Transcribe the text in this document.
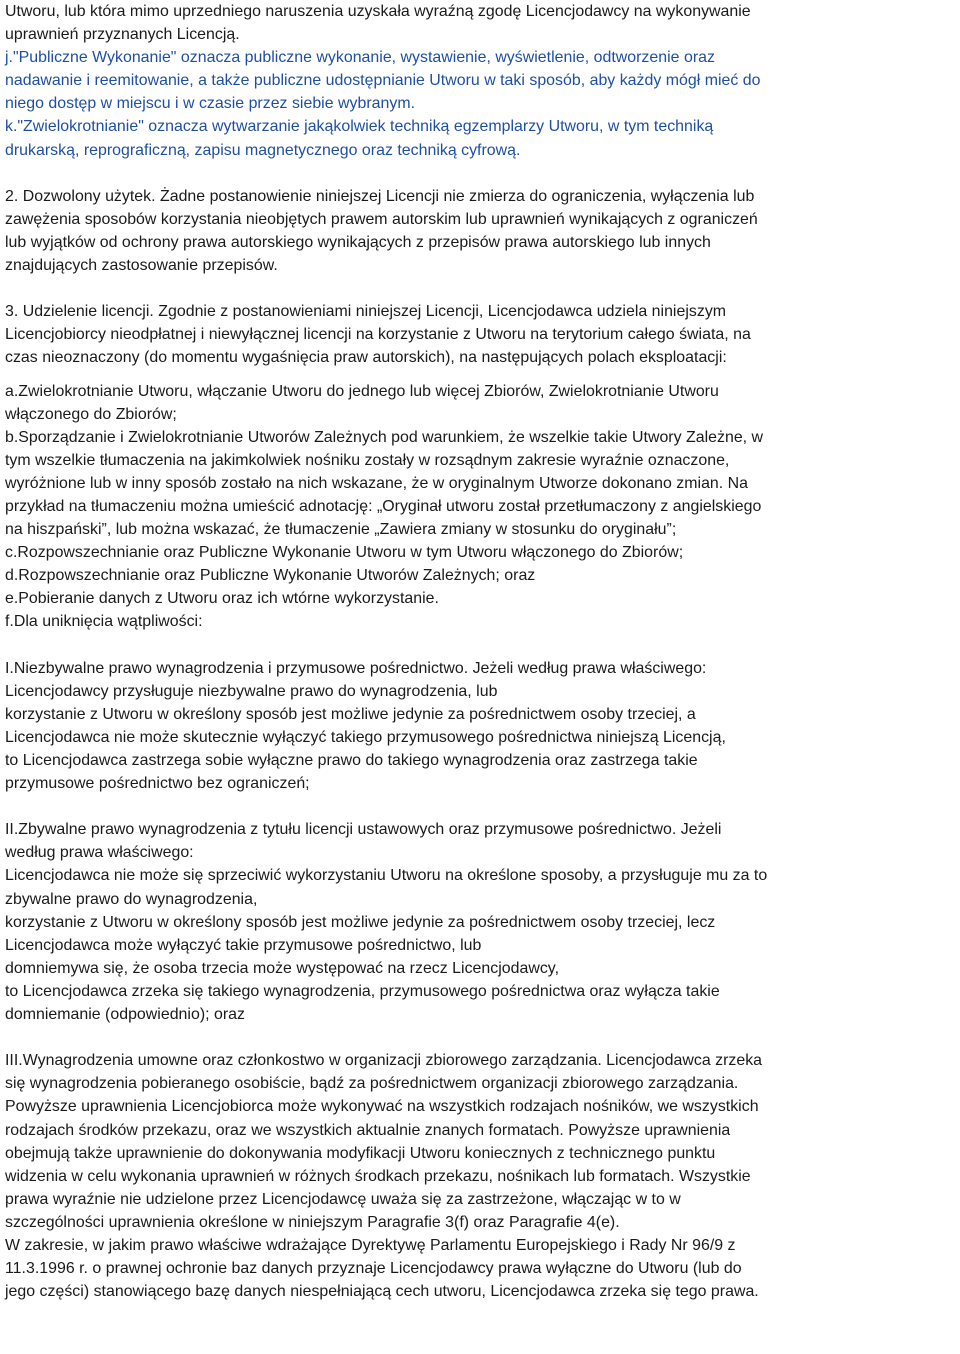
Utworu, lub która mimo uprzedniego naruszenia uzyskała wyraźną zgodę Licencjodawcy na wykonywanie
uprawnień przyznanych Licencją.
j."Publiczne Wykonanie" oznacza publiczne wykonanie, wystawienie, wyświetlenie, odtworzenie oraz
nadawanie i reemitowanie, a także publiczne udostępnianie Utworu w taki sposób, aby każdy mógł mieć do
niego dostęp w miejscu i w czasie przez siebie wybranym.
k."Zwielokrotnianie" oznacza wytwarzanie jakąkolwiek techniką egzemplarzy Utworu, w tym techniką
drukarską, reprograficzną, zapisu magnetycznego oraz techniką cyfrową.
2. Dozwolony użytek. Żadne postanowienie niniejszej Licencji nie zmierza do ograniczenia, wyłączenia lub
zawężenia sposobów korzystania nieobjętych prawem autorskim lub uprawnień wynikających z ograniczeń
lub wyjątków od ochrony prawa autorskiego wynikających z przepisów prawa autorskiego lub innych
znajdujących zastosowanie przepisów.
3. Udzielenie licencji. Zgodnie z postanowieniami niniejszej Licencji, Licencjodawca udziela niniejszym
Licencjobiorcy nieodpłatnej i niewyłącznej licencji na korzystanie z Utworu na terytorium całego świata, na
czas nieoznaczony (do momentu wygaśnięcia praw autorskich), na następujących polach eksploatacji:
a.Zwielokrotnianie Utworu, włączanie Utworu do jednego lub więcej Zbiorów, Zwielokrotnianie Utworu
włączonego do Zbiorów;
b.Sporządzanie i Zwielokrotnianie Utworów Zależnych pod warunkiem, że wszelkie takie Utwory Zależne, w
tym wszelkie tłumaczenia na jakimkolwiek nośniku zostały w rozsądnym zakresie wyraźnie oznaczone,
wyróżnione lub w inny sposób zostało na nich wskazane, że w oryginalnym Utworze dokonano zmian. Na
przykład na tłumaczeniu można umieścić adnotację: „Oryginał utworu został przetłumaczony z angielskiego
na hiszpański”, lub można wskazać, że tłumaczenie „Zawiera zmiany w stosunku do oryginału”;
c.Rozpowszechnianie oraz Publiczne Wykonanie Utworu w tym Utworu włączonego do Zbiorów;
d.Rozpowszechnianie oraz Publiczne Wykonanie Utworów Zależnych; oraz
e.Pobieranie danych z Utworu oraz ich wtórne wykorzystanie.
f.Dla uniknięcia wątpliwości:
I.Niezbywalne prawo wynagrodzenia i przymusowe pośrednictwo. Jeżeli według prawa właściwego:
Licencjodawcy przysługuje niezbywalne prawo do wynagrodzenia, lub
korzystanie z Utworu w określony sposób jest możliwe jedynie za pośrednictwem osoby trzeciej, a
Licencjodawca nie może skutecznie wyłączyć takiego przymusowego pośrednictwa niniejszą Licencją,
to Licencjodawca zastrzega sobie wyłączne prawo do takiego wynagrodzenia oraz zastrzega takie
przymusowe pośrednictwo bez ograniczeń;
II.Zbywalne prawo wynagrodzenia z tytułu licencji ustawowych oraz przymusowe pośrednictwo. Jeżeli
według prawa właściwego:
Licencjodawca nie może się sprzeciwić wykorzystaniu Utworu na określone sposoby, a przysługuje mu za to
zbywalne prawo do wynagrodzenia,
korzystanie z Utworu w określony sposób jest możliwe jedynie za pośrednictwem osoby trzeciej, lecz
Licencjodawca może wyłączyć takie przymusowe pośrednictwo, lub
domniemywa się, że osoba trzecia może występować na rzecz Licencjodawcy,
to Licencjodawca zrzeka się takiego wynagrodzenia, przymusowego pośrednictwa oraz wyłącza takie
domniemanie (odpowiednio); oraz
III.Wynagrodzenia umowne oraz członkostwo w organizacji zbiorowego zarządzania. Licencjodawca zrzeka
się wynagrodzenia pobieranego osobiście, bądź za pośrednictwem organizacji zbiorowego zarządzania.
Powyższe uprawnienia Licencjobiorca może wykonywać na wszystkich rodzajach nośników, we wszystkich
rodzajach środków przekazu, oraz we wszystkich aktualnie znanych formatach. Powyższe uprawnienia
obejmują także uprawnienie do dokonywania modyfikacji Utworu koniecznych z technicznego punktu
widzenia w celu wykonania uprawnień w różnych środkach przekazu, nośnikach lub formatach. Wszystkie
prawa wyraźnie nie udzielone przez Licencjodawcę uważa się za zastrzeżone, włączając w to w
szczególności uprawnienia określone w niniejszym Paragrafie 3(f) oraz Paragrafie 4(e).
W zakresie, w jakim prawo właściwe wdrażające Dyrektywę Parlamentu Europejskiego i Rady Nr 96/9 z
11.3.1996 r. o prawnej ochronie baz danych przyznaje Licencjodawcy prawa wyłączne do Utworu (lub do
jego części) stanowiącego bazę danych niespełniającą cech utworu, Licencjodawca zrzeka się tego prawa.
